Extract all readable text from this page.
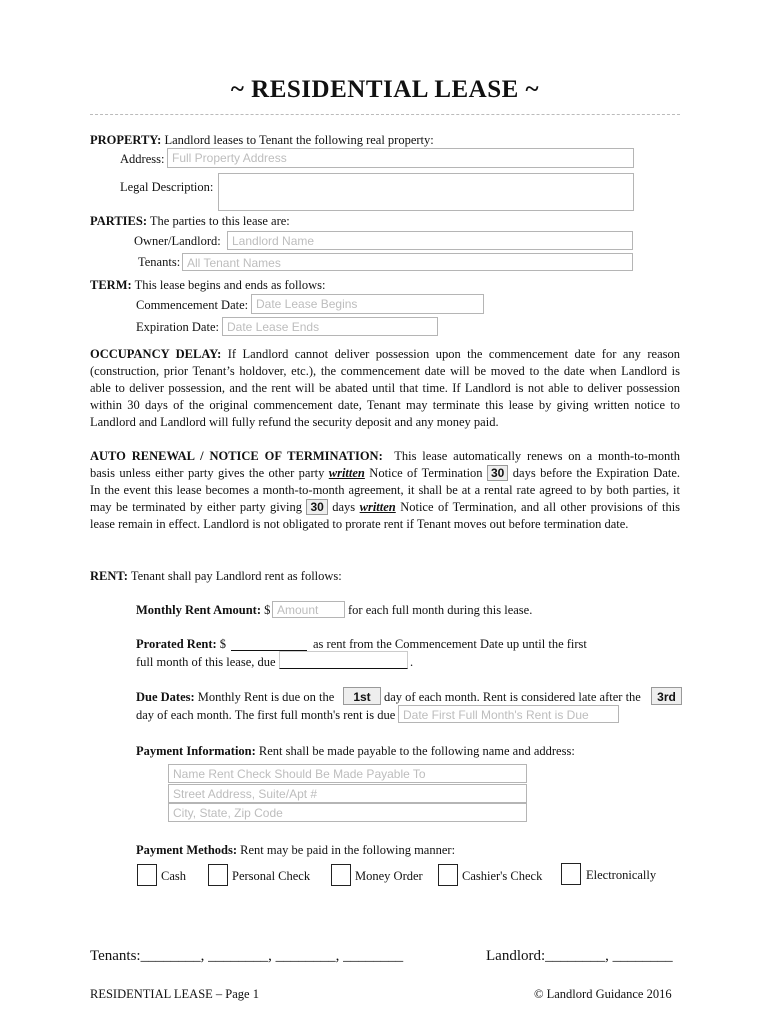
~ RESIDENTIAL LEASE ~
PROPERTY: Landlord leases to Tenant the following real property:
Address: Full Property Address
Legal Description:
PARTIES: The parties to this lease are:
Owner/Landlord: Landlord Name
Tenants: All Tenant Names
TERM: This lease begins and ends as follows:
Commencement Date: Date Lease Begins
Expiration Date: Date Lease Ends
OCCUPANCY DELAY: If Landlord cannot deliver possession upon the commencement date for any reason
(construction, prior Tenant’s holdover, etc.), the commencement date will be moved to the date when Landlord is
able to deliver possession, and the rent will be abated until that time. If Landlord is not able to deliver possession
within 30 days of the original commencement date, Tenant may terminate this lease by giving written notice to
Landlord and Landlord will fully refund the security deposit and any money paid.
AUTO RENEWAL / NOTICE OF TERMINATION: This lease automatically renews on a month-to-month
basis unless either party gives the other party written Notice of Termination 30 days before the Expiration Date.
In the event this lease becomes a month-to-month agreement, it shall be at a rental rate agreed to by both parties, it
may be terminated by either party giving 30 days written Notice of Termination, and all other provisions of this
lease remain in effect. Landlord is not obligated to prorate rent if Tenant moves out before termination date.
RENT: Tenant shall pay Landlord rent as follows:
Monthly Rent Amount: $ Amount	for each full month during this lease.
Prorated Rent: $	as rent from the Commencement Date up until the first
full month of this lease, due	.
Due Dates: Monthly Rent is due on the	1st	day of each month. Rent is considered late after the	3rd
day of each month. The first full month's rent is due Date First Full Month's Rent is Due
Payment Information: Rent shall be made payable to the following name and address:
Name Rent Check Should Be Made Payable To
Street Address, Suite/Apt #
City, State, Zip Code
Payment Methods: Rent may be paid in the following manner:
Cash	Personal Check	Money Order	Cashier's Check	Electronically
Tenants:________, ________, ________, ________	Landlord:________, ________
RESIDENTIAL LEASE – Page 1	© Landlord Guidance 2016
